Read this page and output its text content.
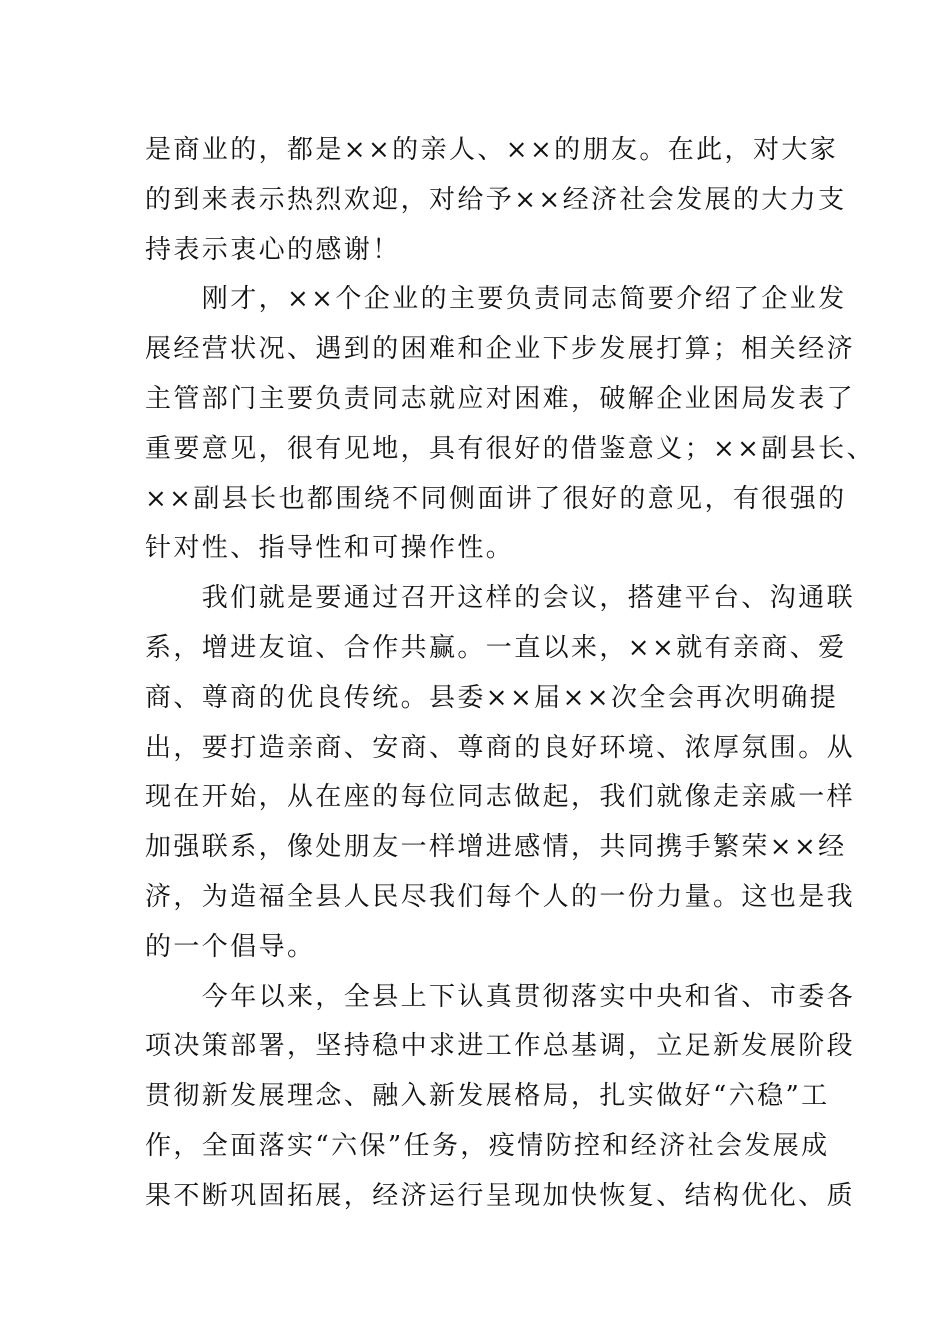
是商业的，都是××的亲人、××的朋友。在此，对大家
的到来表示热烈欢迎，对给予××经济社会发展的大力支
持表示衷心的感谢！
　　刚才，××个企业的主要负责同志简要介绍了企业发
展经营状况、遇到的困难和企业下步发展打算；相关经济
主管部门主要负责同志就应对困难，破解企业困局发表了
重要意见，很有见地，具有很好的借鉴意义；××副县长、
××副县长也都围绕不同侧面讲了很好的意见，有很强的
针对性、指导性和可操作性。
　　我们就是要通过召开这样的会议，搭建平台、沟通联
系，增进友谊、合作共赢。一直以来，××就有亲商、爱
商、尊商的优良传统。县委××届××次全会再次明确提
出，要打造亲商、安商、尊商的良好环境、浓厚氛围。从
现在开始，从在座的每位同志做起，我们就像走亲戚一样
加强联系，像处朋友一样增进感情，共同携手繁荣××经
济，为造福全县人民尽我们每个人的一份力量。这也是我
的一个倡导。
　　今年以来，全县上下认真贯彻落实中央和省、市委各
项决策部署，坚持稳中求进工作总基调，立足新发展阶段
贯彻新发展理念、融入新发展格局，扎实做好“六稳”工
作，全面落实“六保”任务，疫情防控和经济社会发展成
果不断巩固拓展，经济运行呈现加快恢复、结构优化、质
